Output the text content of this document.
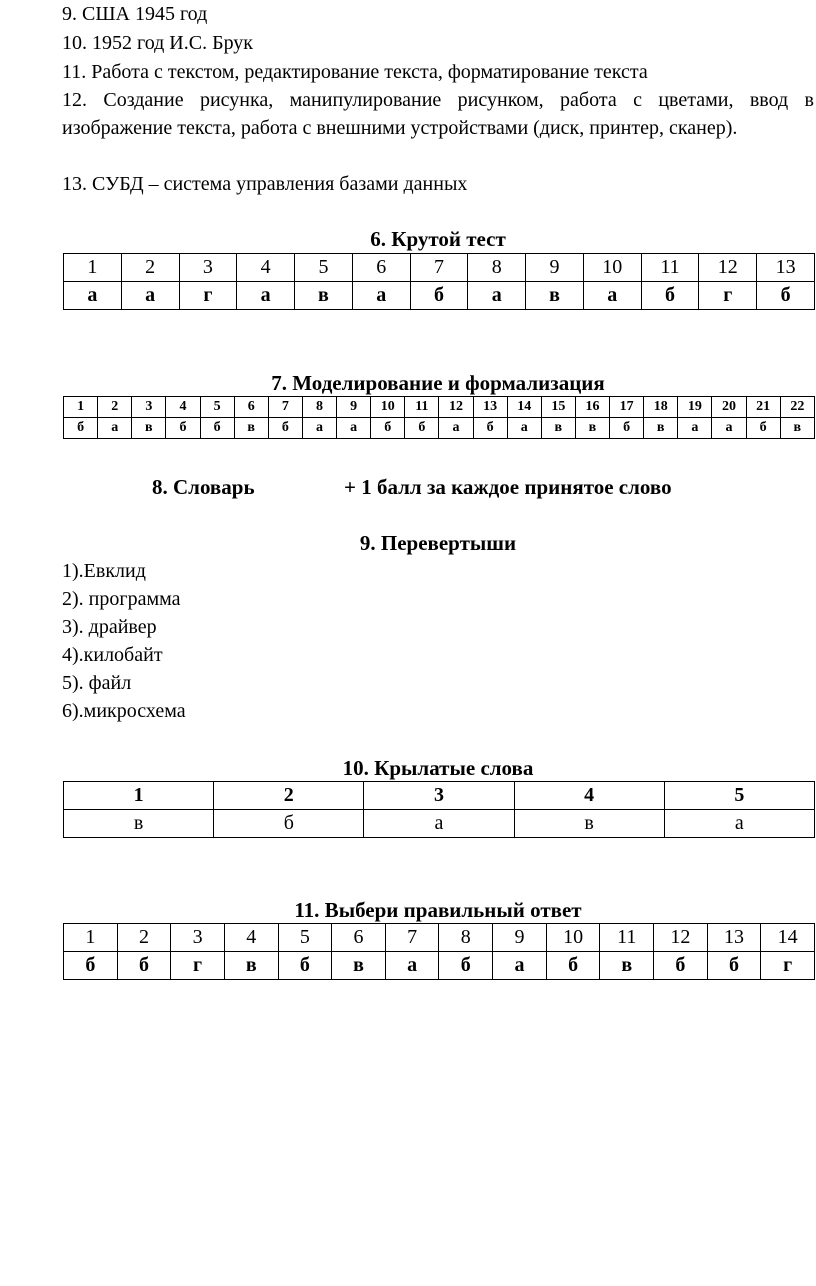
9. США 1945 год
10. 1952 год И.С. Брук
11. Работа с текстом, редактирование текста, форматирование текста
12. Создание рисунка, манипулирование рисунком, работа с цветами, ввод в изображение текста, работа с внешними устройствами (диск, принтер, сканер).
13. СУБД – система управления базами данных
6. Крутой тест
1	2	3	4	5	6	7	8	9	10	11	12	13
а	а	г	а	в	а	б	а	в	а	б	г	б
7. Моделирование и формализация
1	2	3	4	5	6	7	8	9	10	11	12	13	14	15	16	17	18	19	20	21	22
б	а	в	б	б	в	б	а	а	б	б	а	б	а	в	в	б	в	а	а	б	в
8. Словарь	+ 1 балл за каждое принятое слово
9. Перевертыши
1).Евклид
2). программа
3). драйвер
4).килобайт
5). файл
6).микросхема
10. Крылатые слова
1	2	3	4	5
в	б	а	в	а
11. Выбери правильный ответ
1	2	3	4	5	6	7	8	9	10	11	12	13	14
б	б	г	в	б	в	а	б	а	б	в	б	б	г
